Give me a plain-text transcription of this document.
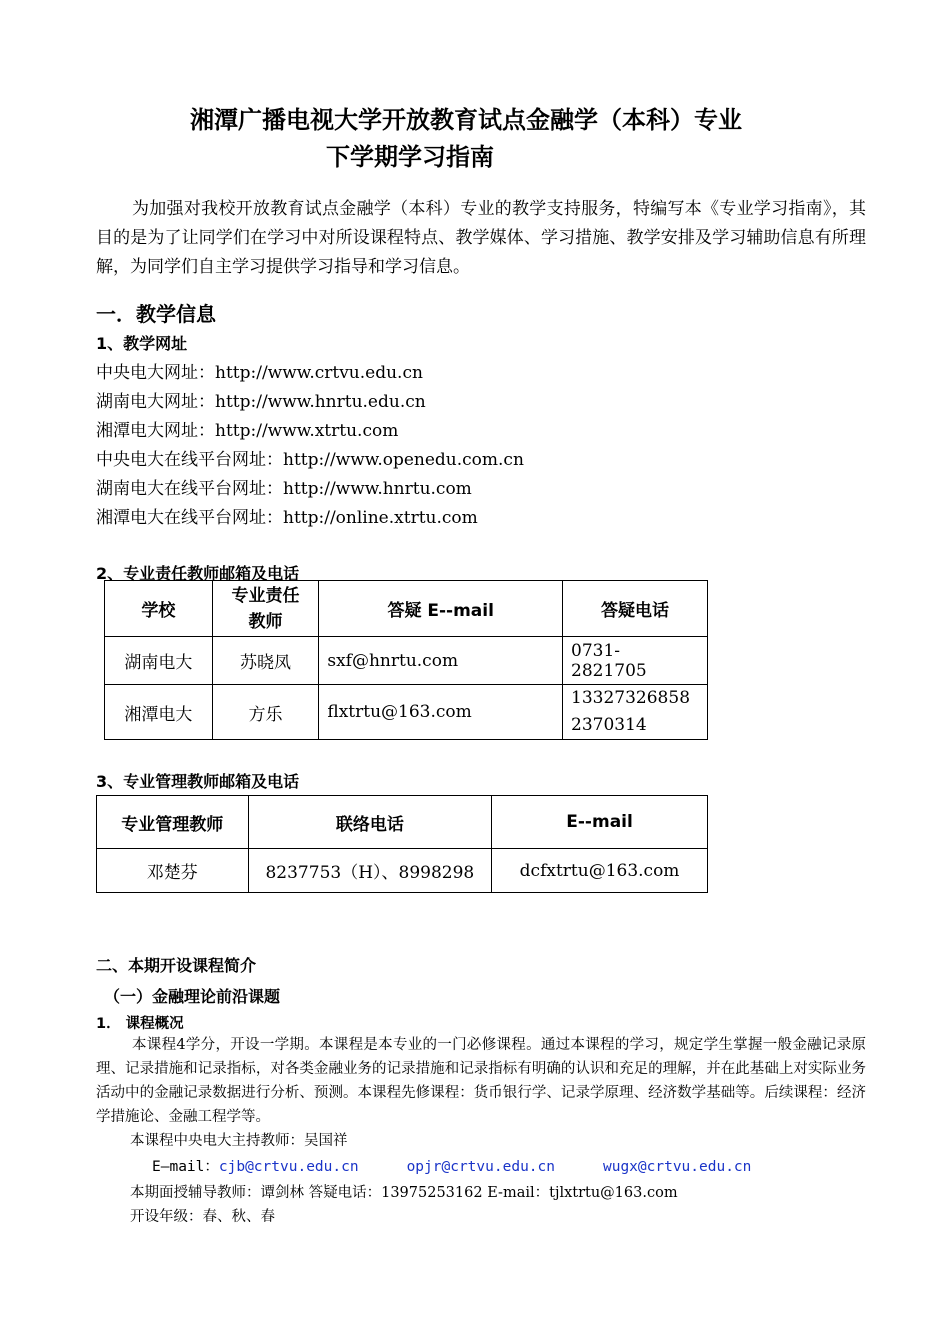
湘潭广播电视大学开放教育试点金融学（本科）专业
下学期学习指南
为加强对我校开放教育试点金融学（本科）专业的教学支持服务，特编写本《专业学习指南》，其目的是为了让同学们在学习中对所设课程特点、教学媒体、学习措施、教学安排及学习辅助信息有所理解，为同学们自主学习提供学习指导和学习信息。
一．教学信息
1、教学网址
中央电大网址：http://www.crtvu.edu.cn
湖南电大网址：http://www.hnrtu.edu.cn
湘潭电大网址：http://www.xtrtu.com
中央电大在线平台网址：http://www.openedu.com.cn
湖南电大在线平台网址：http://www.hnrtu.com
湘潭电大在线平台网址：http://online.xtrtu.com
2、专业责任教师邮箱及电话
学校	专业责任
教师	答疑 E--mail	答疑电话
湖南电大	苏晓凤	sxf@hnrtu.com	0731- 2821705
湘潭电大	方乐	flxtrtu@163.com	13327326858 2370314
3、专业管理教师邮箱及电话
专业管理教师	联络电话	E--mail
邓楚芬	8237753（H）、8998298	dcfxtrtu@163.com
二、本期开设课程简介
（一）金融理论前沿课题
1． 课程概况
本课程4学分，开设一学期。本课程是本专业的一门必修课程。通过本课程的学习，规定学生掌握一般金融记录原理、记录措施和记录指标，对各类金融业务的记录措施和记录指标有明确的认识和充足的理解，并在此基础上对实际业务活动中的金融记录数据进行分析、预测。本课程先修课程：货币银行学、记录学原理、经济数学基础等。后续课程：经济学措施论、金融工程学等。
本课程中央电大主持教师：吴国祥
E—mail：cjb@crtvu.edu.cn	opjr@crtvu.edu.cn	wugx@crtvu.edu.cn
本期面授辅导教师：谭剑林 答疑电话：13975253162 E-mail：tjlxtrtu@163.com
开设年级：春、秋、春
